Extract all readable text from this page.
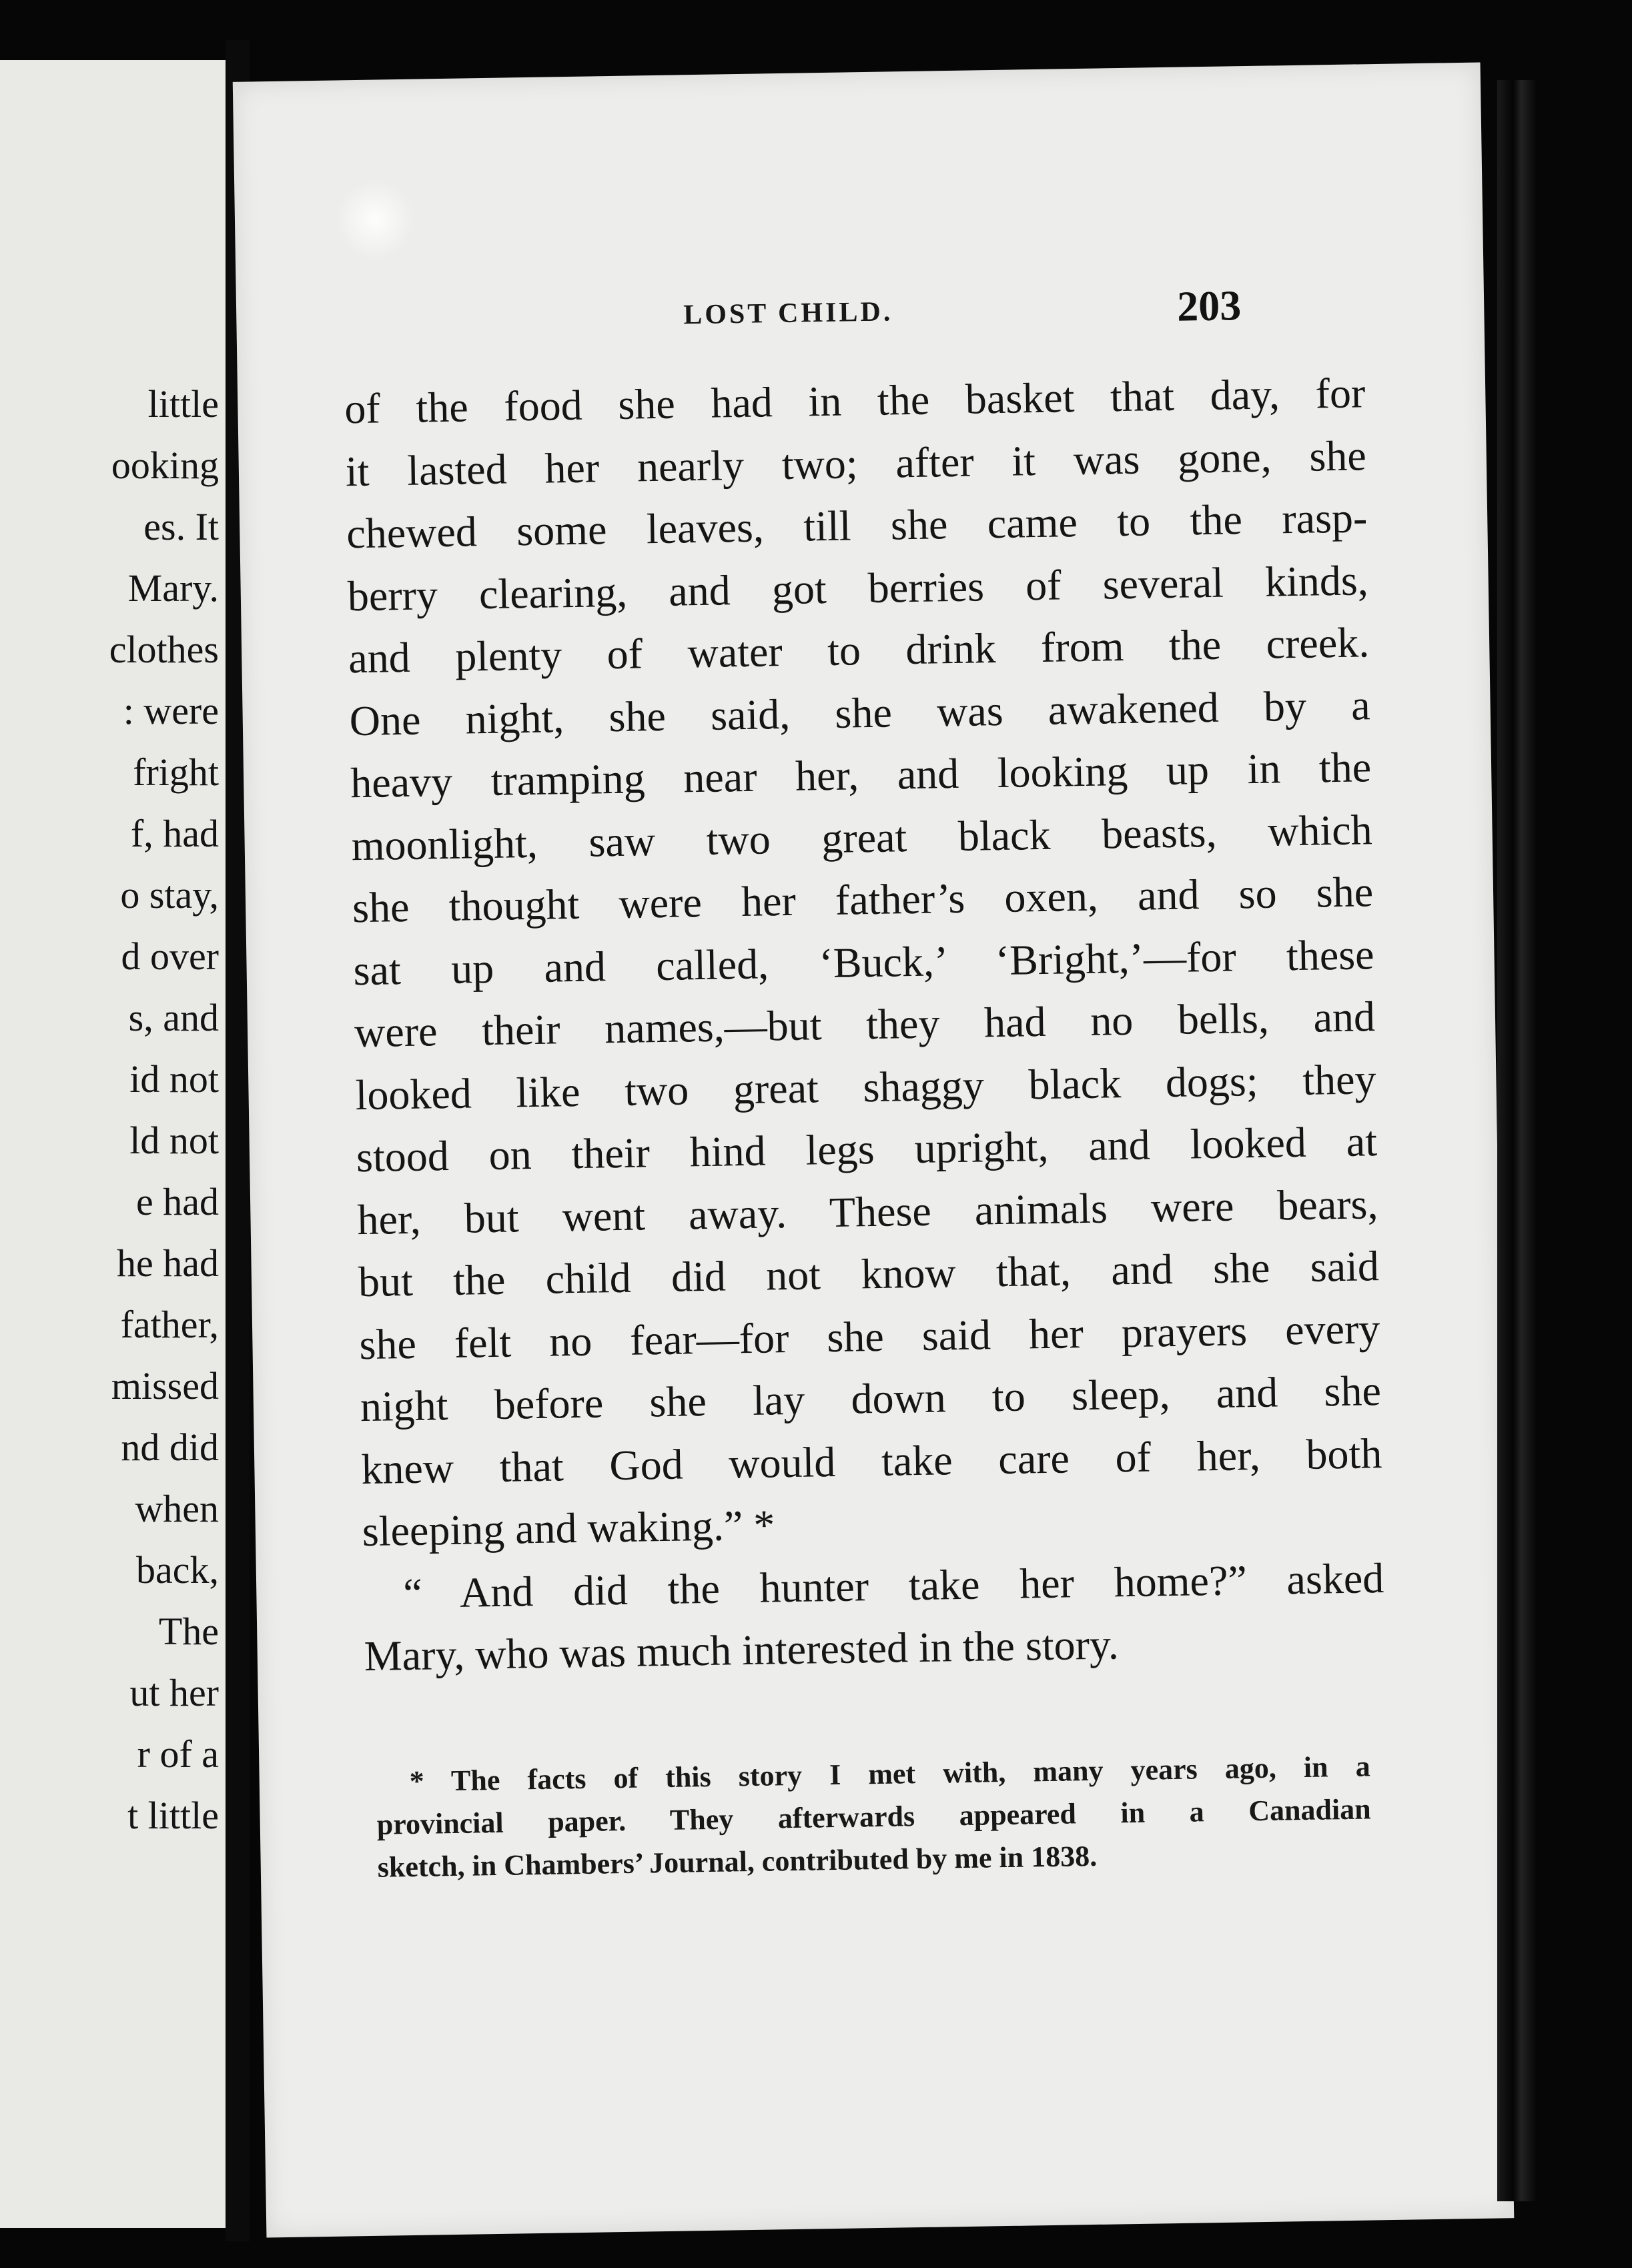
little
ooking
es. It
Mary.
clothes
: were
fright
f, had
o stay,
d over
s, and
id not
ld not
e had
he had
father,
missed
nd did
when
back,
The
ut her
r of a
t little
LOST CHILD.	203
of the food she had in the basket that day, for
it lasted her nearly two; after it was gone, she
chewed some leaves, till she came to the rasp-
berry clearing, and got berries of several kinds,
and plenty of water to drink from the creek.
One night, she said, she was awakened by a
heavy tramping near her, and looking up in the
moonlight, saw two great black beasts, which
she thought were her father’s oxen, and so she
sat up and called, ‘Buck,’ ‘Bright,’—for these
were their names,—but they had no bells, and
looked like two great shaggy black dogs; they
stood on their hind legs upright, and looked at
her, but went away. These animals were bears,
but the child did not know that, and she said
she felt no fear—for she said her prayers every
night before she lay down to sleep, and she
knew that God would take care of her, both
sleeping and waking.” *
“ And did the hunter take her home?” asked
Mary, who was much interested in the story.
* The facts of this story I met with, many years ago, in a
provincial paper. They afterwards appeared in a Canadian
sketch, in Chambers’ Journal, contributed by me in 1838.
